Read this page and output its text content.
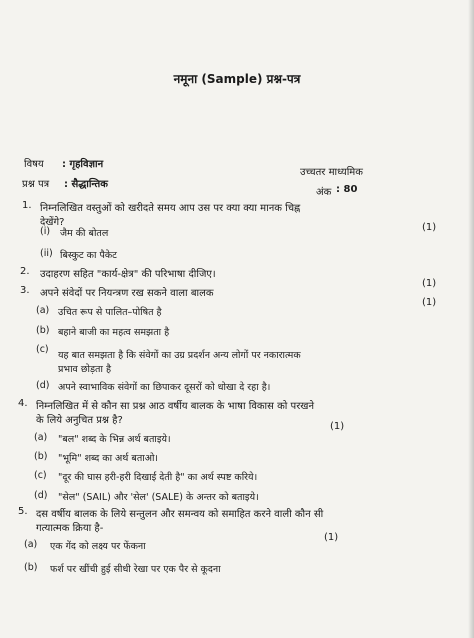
नमूना (Sample) प्रश्न-पत्र
विषय : गृहविज्ञान
उच्चतर माध्यमिक
प्रश्न पत्र : सैद्धान्तिक
अंक : 80
1. निम्नलिखित वस्तुओं को खरीदते समय आप उस पर क्या क्या मानक चिह्न
देखेंगे?
(i) जैम की बोतल
(1)
(ii) बिस्कुट का पैकेट
2. उदाहरण सहित "कार्य-क्षेत्र" की परिभाषा दीजिए।
(1)
3. अपने संवेदों पर नियन्त्रण रख सकने वाला बालक
(1)
(a) उचित रूप से पालित–पोषित है
(b) बहाने बाजी का महत्व समझता है
(c)
यह बात समझता है कि संवेगों का उग्र प्रदर्शन अन्य लोगों पर नकारात्मक
प्रभाव छोड़ता है
(d) अपने स्वाभाविक संवेगों का छिपाकर दूसरों को धोखा दे रहा है।
4. निम्नलिखित में से कौन सा प्रश्न आठ वर्षीय बालक के भाषा विकास को परखने
के लिये अनुचित प्रश्न है?
(1)
(a) "बल" शब्द के भिन्न अर्थ बताइये।
(b) "भूमि" शब्द का अर्थ बताओ।
(c) "दूर की घास हरी-हरी दिखाई देती है" का अर्थ स्पष्ट करिये।
(d) "सेल" (SAIL) और 'सेल' (SALE) के अन्तर को बताइये।
5. दस वर्षीय बालक के लिये सन्तुलन और समन्वय को समाहित करने वाली कौन सी
गत्यात्मक क्रिया है-
(1)
(a) एक गेंद को लक्ष्य पर फेंकना
(b) फर्श पर खींची हुई सीधी रेखा पर एक पैर से कूदना
